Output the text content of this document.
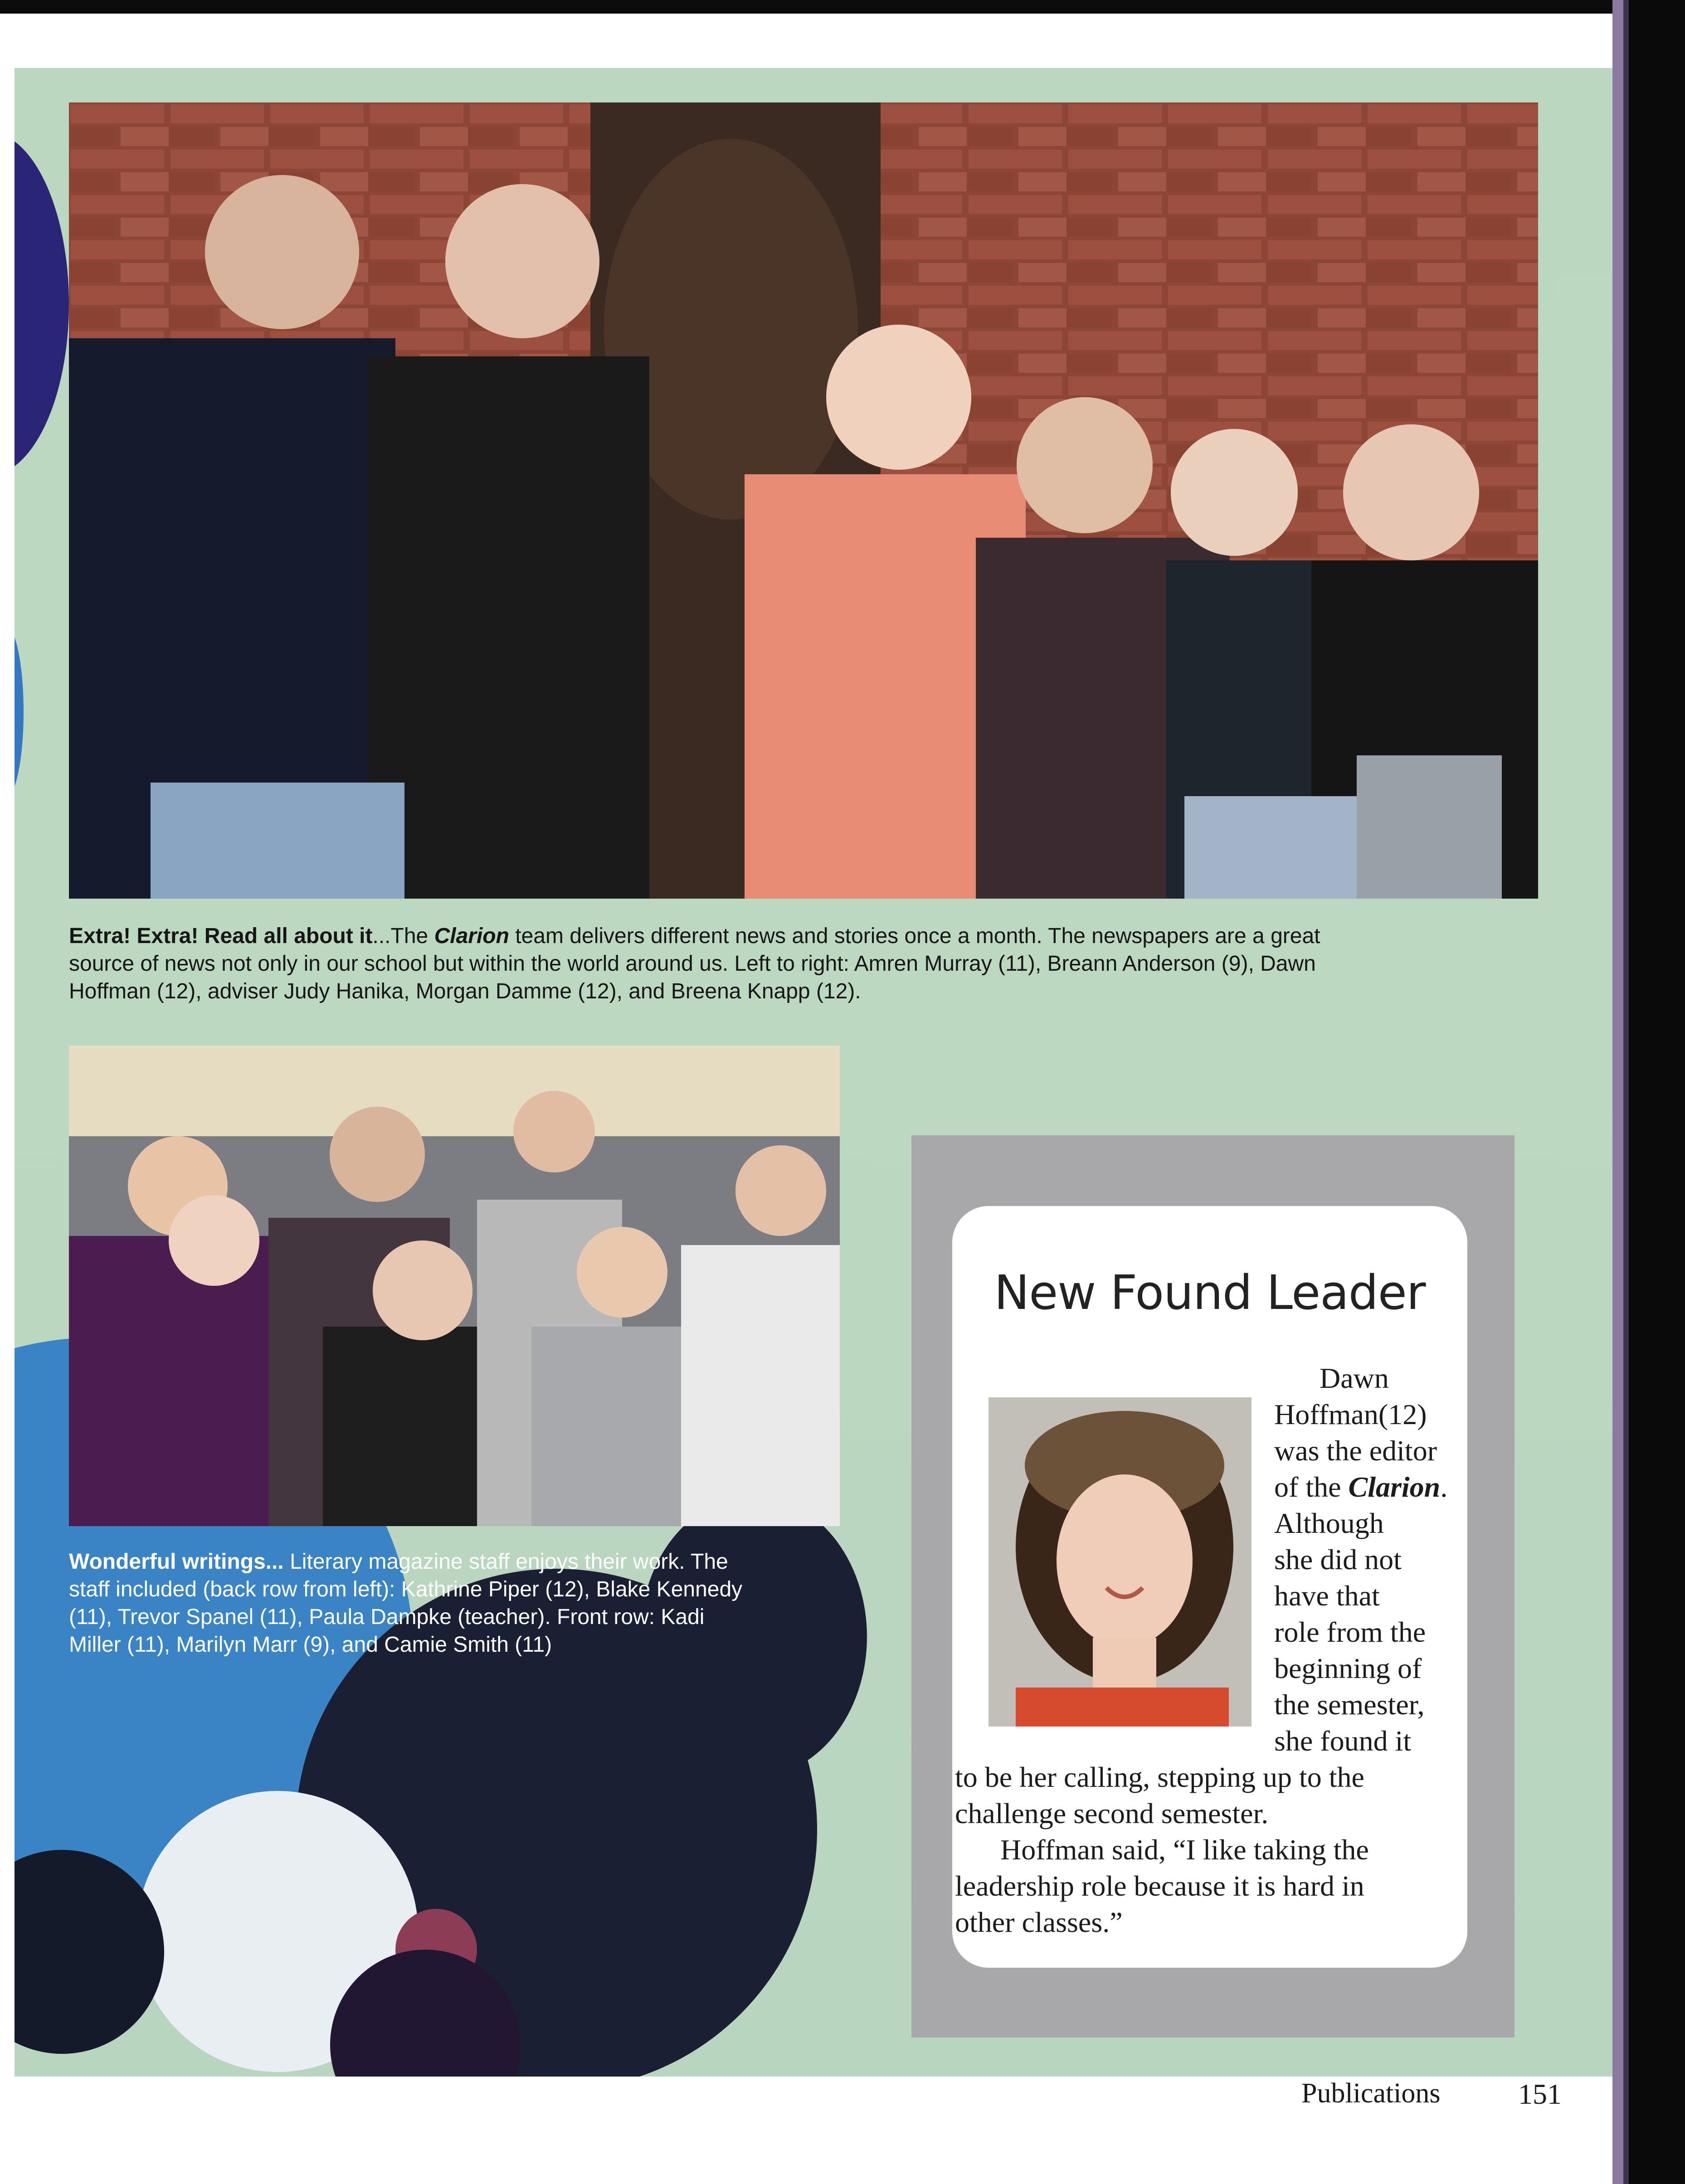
Extra! Extra! Read all about it...The Clarion team delivers different news and stories once a month. The newspapers are a great
source of news not only in our school but within the world around us. Left to right: Amren Murray (11), Breann Anderson (9), Dawn
Hoffman (12), adviser Judy Hanika, Morgan Damme (12), and Breena Knapp (12).
Wonderful writings... Literary magazine staff enjoys their work. The
staff included (back row from left): Kathrine Piper (12), Blake Kennedy
(11), Trevor Spanel (11), Paula Dampke (teacher). Front row: Kadi
Miller (11), Marilyn Marr (9), and Camie Smith (11)
New Found Leader
Dawn
Hoffman(12)
was the editor
of the Clarion.
Although
she did not
have that
role from the
beginning of
the semester,
she found it
to be her calling, stepping up to the
challenge second semester.
Hoffman said, “I like taking the
leadership role because it is hard in
other classes.”
Publications	151
